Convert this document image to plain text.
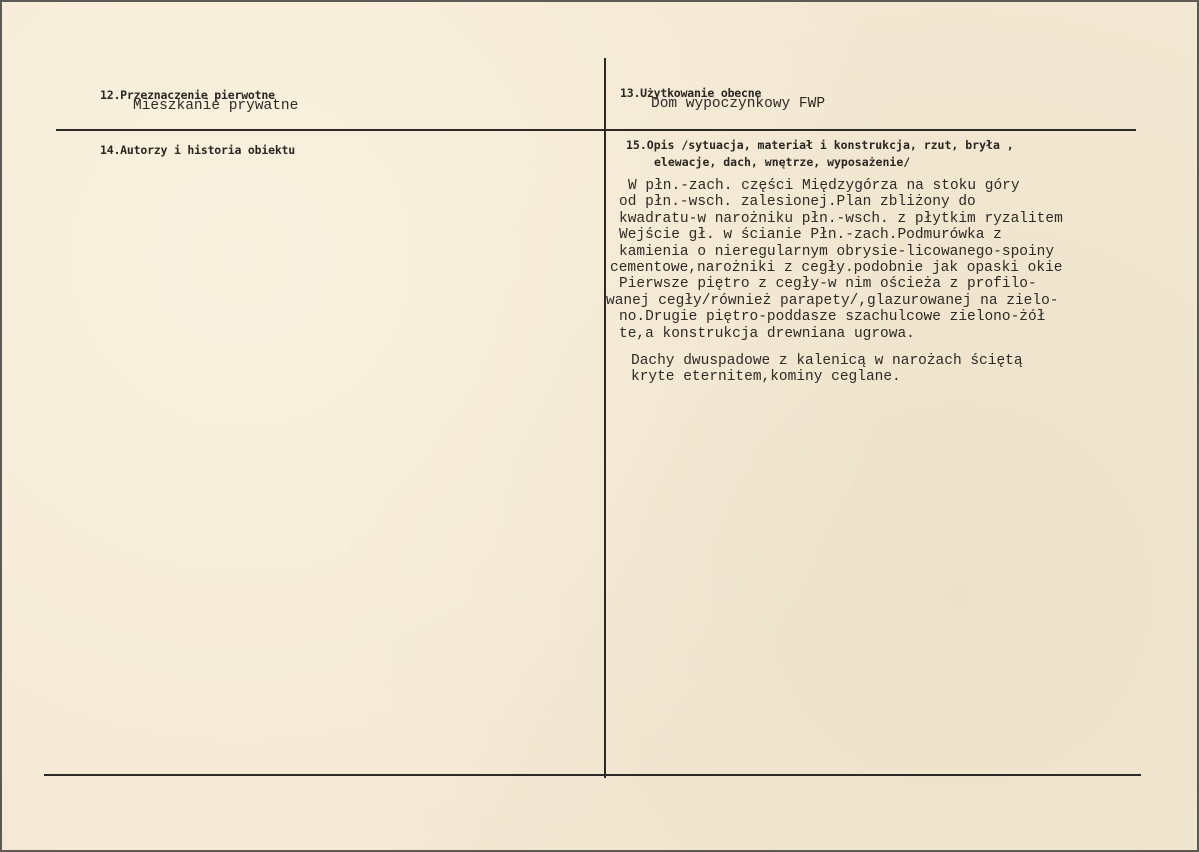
12.Przeznaczenie pierwotne
Mieszkanie prywatne
13.Użytkowanie obecne
Dom wypoczynkowy FWP
14.Autorzy i historia obiektu	15.Opis /sytuacja, materiał i konstrukcja, rzut, bryła ,
elewacje, dach, wnętrze, wyposażenie/
W płn.-zach. części Międzygórza na stoku góry
od płn.-wsch. zalesionej.Plan zbliżony do
kwadratu-w narożniku płn.-wsch. z płytkim ryzalitem
Wejście gł. w ścianie Płn.-zach.Podmurówka z
kamienia o nieregularnym obrysie-licowanego-spoiny
cementowe,narożniki z cegły.podobnie jak opaski okie
Pierwsze piętro z cegły-w nim ościeża z profilo-
wanej cegły/również parapety/,glazurowanej na zielo-
no.Drugie piętro-poddasze szachulcowe zielono-żół
te,a konstrukcja drewniana ugrowa.
Dachy dwuspadowe z kalenicą w narożach ściętą
kryte eternitem,kominy ceglane.
